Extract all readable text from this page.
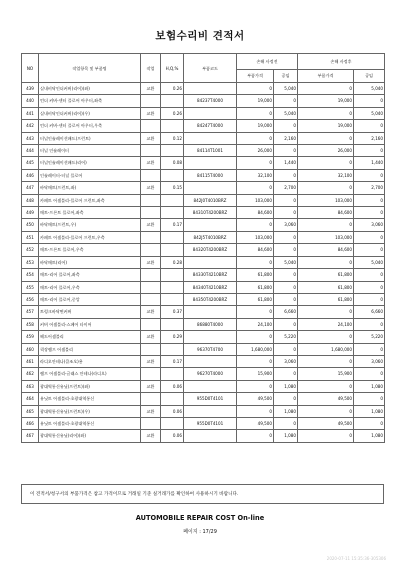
보험수리비 견적서
NO	작업항목 및 부품명	작업	H,Q,%	부품코드	손해 사정전		손해 사정후	
					부품가격	공임	부품가격	공임
439	실내비닥인더커버(리어)(좌)	교환	0.26		0	5,040	0	5,040
440	언더 커버-센터 플로어 아우터,좌측			84237T4000	19,000	0	19,000	0
441	실내비닥인더커버(리어)(우)	교환	0.26		0	5,040	0	5,040
442	언더 커버-센터 플로어 아우터,우측			84247T4000	19,000	0	19,000	0
443	터널인슐레이션패드(프런트)	교환	0.12		0	2,160	0	2,160
444	터널 인슐레이터			84114T1001	26,000	0	26,000	0
445	터널인슐레이션패드(리어)	교환	0.08		0	1,440	0	1,440
446	인슐레이터-터널 플로어			84115T4000	32,100	0	32,100	0
447	바닥매트(프런트,좌)	교환	0.15		0	2,700	0	2,700
448	카페트 어셈블리-플로어 프런트,좌측			842J0T4010BRZ	103,000	0	103,000	0
449	매트-프론트 플로어,좌측			84310T4200BRZ	84,600	0	84,600	0
450	바닥매트(프런트,우)	교환	0.17		0	3,060	0	3,060
451	카페트 어셈블리-플로어 프런트,우측			842J5T4010BRZ	103,000	0	103,000	0
452	매트-프론트 플로어,우측			84320T4200BRZ	84,600	0	84,600	0
453	바닥매트(리어)	교환	0.28		0	5,040	0	5,040
454	매트-리어 플로어,좌측			84330T4210BRZ	61,800	0	61,800	0
455	매트-리어 플로어,우측			84340T4210BRZ	61,800	0	61,800	0
456	매트-리어 플로어,중앙			84350T4200BRZ	61,800	0	61,800	0
457	트렁크바닥면커버	교환	0.37		0	6,660	0	6,660
458	커버 어셈블리-스페어 타이어			86880T4000	24,100	0	24,100	0
459	헤드어셈블리	교환	0.29		0	5,220	0	5,220
460	퀵장램프 어셈블리			96370T4700	1,680,000	0	1,680,000	0
461	라디오안테나(클조오)용	교환	0.17		0	3,060	0	3,060
462	램프 어셈블리-글래스 안테나(라디오)			96270T4000	15,900	0	15,900	0
463	광대역통신유닛(프런트)(좌)	교환	0.06		0	1,080	0	1,080
464	유닛트 어셈블리-초광대역통신			955D0T4101	49,500	0	49,500	0
465	광대역통신유닛(프런트)(우)	교환	0.06		0	1,080	0	1,080
466	유닛트 어셈블리-초광대역통신			955D0T4101	49,500	0	49,500	0
467	광대역통신유닛(리어)(좌)	교환	0.06		0	1,080	0	1,080
이 견적서/청구서의 부품가격은 참고 가격이므로 거래일 기준 실거래가를 확인하여 사용하시기 바랍니다.
AUTOMOBILE REPAIR COST On-line
페이지 : 17/29
2020-07-11 15:35:36-305306
